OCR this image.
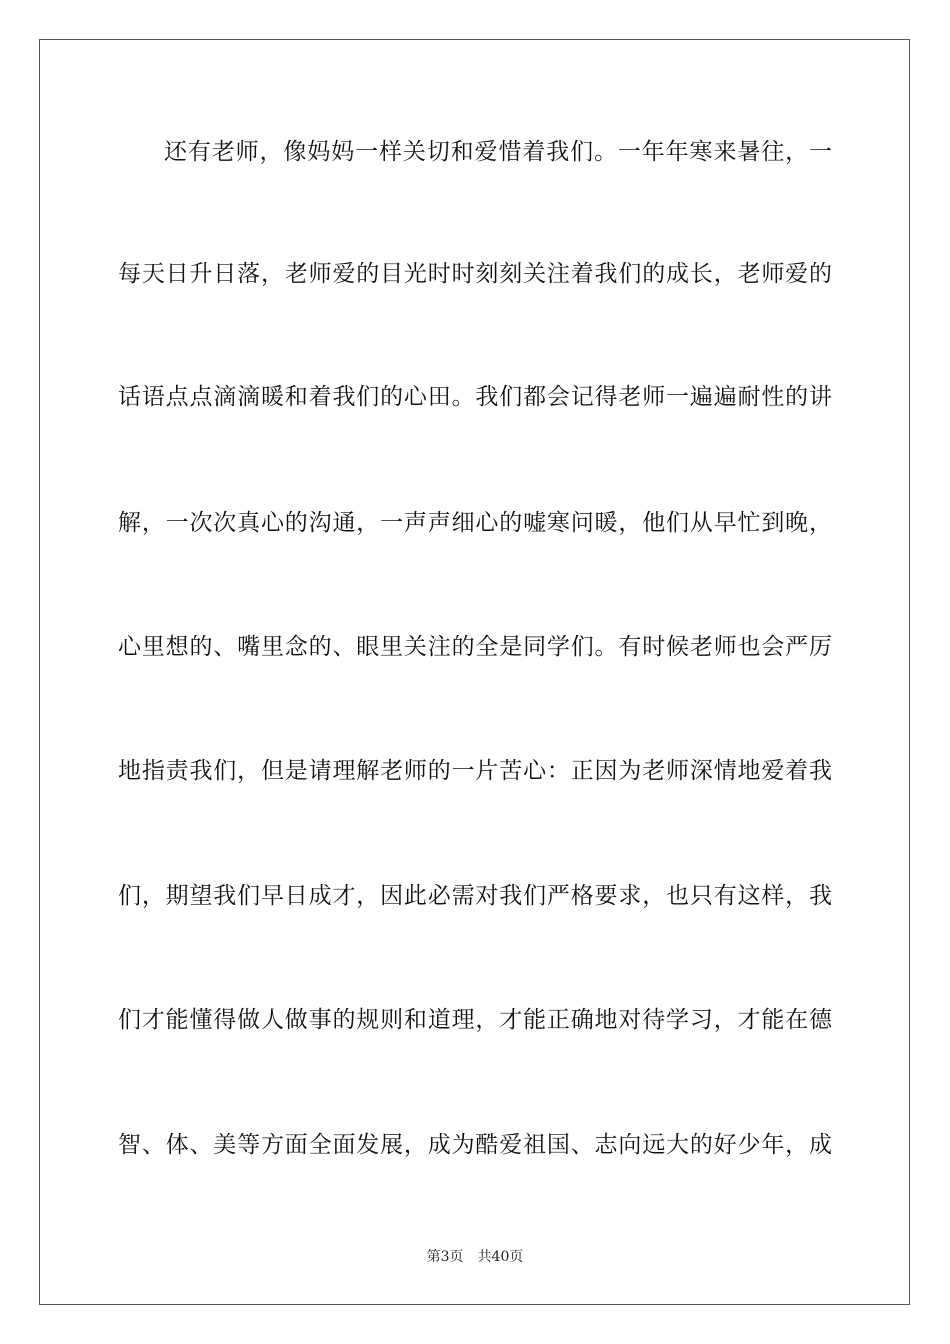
还有老师，像妈妈一样关切和爱惜着我们。一年年寒来暑往，一
每天日升日落，老师爱的目光时时刻刻关注着我们的成长，老师爱的
话语点点滴滴暖和着我们的心田。我们都会记得老师一遍遍耐性的讲
解，一次次真心的沟通，一声声细心的嘘寒问暖，他们从早忙到晚，
心里想的、嘴里念的、眼里关注的全是同学们。有时候老师也会严厉
地指责我们，但是请理解老师的一片苦心：正因为老师深情地爱着我
们，期望我们早日成才，因此必需对我们严格要求，也只有这样，我
们才能懂得做人做事的规则和道理，才能正确地对待学习，才能在德
智、体、美等方面全面发展，成为酷爱祖国、志向远大的好少年，成
第3页 共40页
